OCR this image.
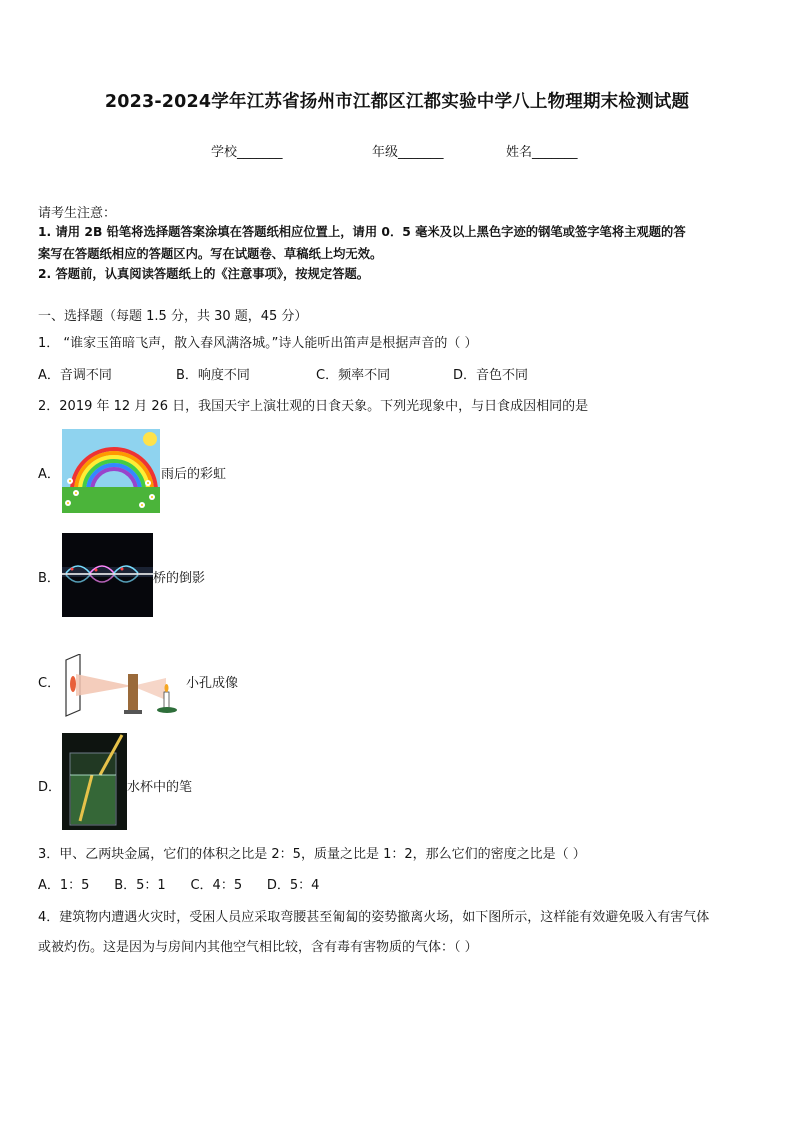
2023-2024学年江苏省扬州市江都区江都实验中学八上物理期末检测试题
学校_______	年级_______	姓名_______
请考生注意：
1. 请用 2B 铅笔将选择题答案涂填在答题纸相应位置上，请用 0．5 毫米及以上黑色字迹的钢笔或签字笔将主观题的答
案写在答题纸相应的答题区内。写在试题卷、草稿纸上均无效。
2. 答题前，认真阅读答题纸上的《注意事项》，按规定答题。
一、选择题（每题 1.5 分，共 30 题，45 分）
1． “谁家玉笛暗飞声，散入春风满洛城。”诗人能听出笛声是根据声音的（ ）
A．音调不同	B．响度不同	C．频率不同	D．音色不同
2．2019 年 12 月 26 日，我国天宇上演壮观的日食天象。下列光现象中，与日食成因相同的是
A．	雨后的彩虹
B．	桥的倒影
C．	小孔成像
D．	水杯中的笔
3．甲、乙两块金属，它们的体积之比是 2：5，质量之比是 1：2，那么它们的密度之比是（ ）
A．1：5      B．5：1      C．4：5      D．5：4
4．建筑物内遭遇火灾时，受困人员应采取弯腰甚至匍匐的姿势撤离火场，如下图所示，这样能有效避免吸入有害气体
或被灼伤。这是因为与房间内其他空气相比较，含有毒有害物质的气体：（ ）
